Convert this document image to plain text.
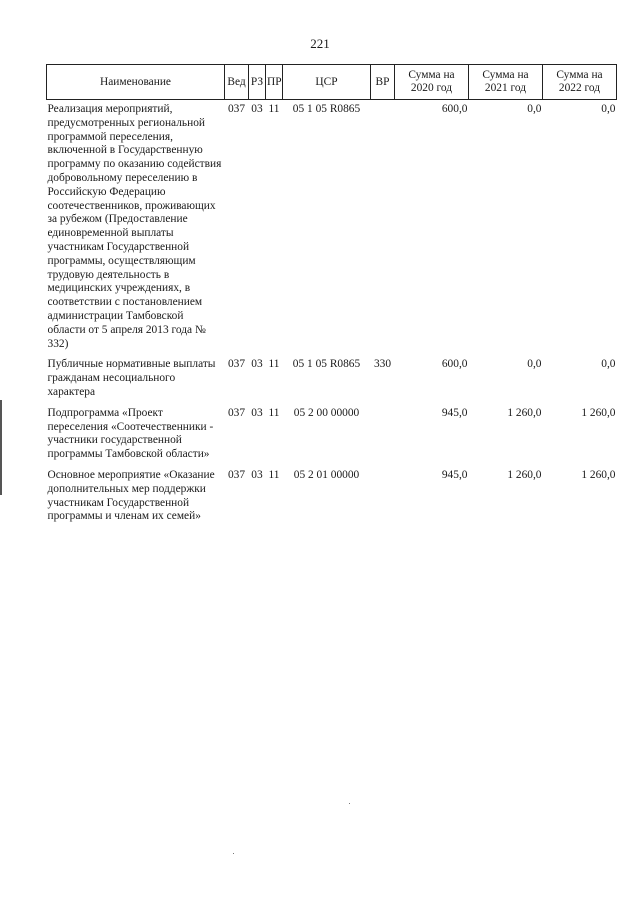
221
Наименование	Вед	РЗ	ПР	ЦСР	ВР	Сумма на 2020 год	Сумма на 2021 год	Сумма на 2022 год
Реализация мероприятий, предусмотренных региональной программой переселения, включенной в Государственную программу по оказанию содействия добровольному переселению в Российскую Федерацию соотечественников, проживающих за рубежом (Предоставление единовременной выплаты участникам Государственной программы, осуществляющим трудовую деятельность в медицинских учреждениях, в соответствии с постановлением администрации Тамбовской области от 5 апреля 2013 года № 332)	037	03	11	05 1 05 R0865		600,0	0,0	0,0
Публичные нормативные выплаты гражданам несоциального характера	037	03	11	05 1 05 R0865	330	600,0	0,0	0,0
Подпрограмма «Проект переселения «Соотечественники - участники государственной программы Тамбовской области»	037	03	11	05 2 00 00000		945,0	1 260,0	1 260,0
Основное мероприятие «Оказание дополнительных мер поддержки участникам Государственной программы и членам их семей»	037	03	11	05 2 01 00000		945,0	1 260,0	1 260,0
